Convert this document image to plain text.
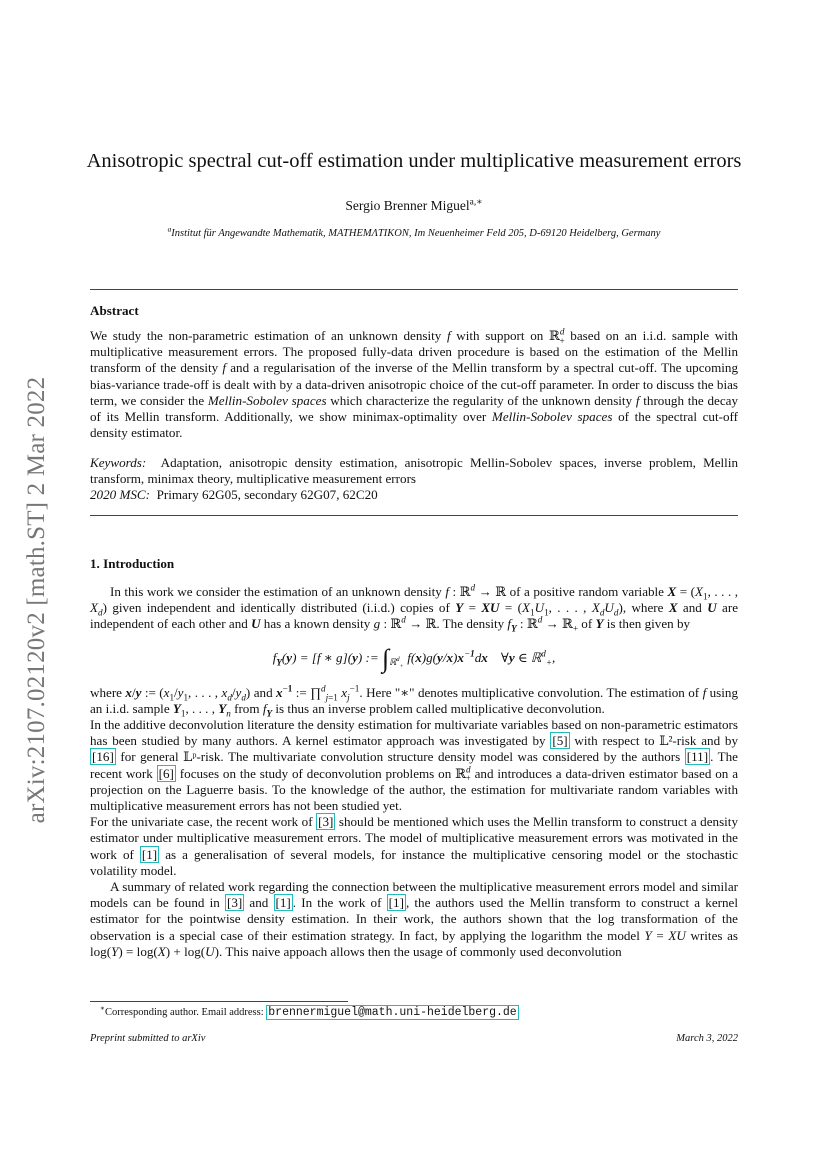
arXiv:2107.02120v2 [math.ST] 2 Mar 2022
Anisotropic spectral cut-off estimation under multiplicative measurement errors
Sergio Brenner Miguel$^{a,∗}$
$^a$Institut für Angewandte Mathematik, MATHEMΛTIKON, Im Neuenheimer Feld 205, D-69120 Heidelberg, Germany
Abstract
We study the non-parametric estimation of an unknown density f with support on ℝ$^d_+$ based on an i.i.d. sample with multiplicative measurement errors. The proposed fully-data driven procedure is based on the estimation of the Mellin transform of the density f and a regularisation of the inverse of the Mellin transform by a spectral cut-off. The upcoming bias-variance trade-off is dealt with by a data-driven anisotropic choice of the cut-off parameter. In order to discuss the bias term, we consider the Mellin-Sobolev spaces which characterize the regularity of the unknown density f through the decay of its Mellin transform. Additionally, we show minimax-optimality over Mellin-Sobolev spaces of the spectral cut-off density estimator.
Keywords: Adaptation, anisotropic density estimation, anisotropic Mellin-Sobolev spaces, inverse problem, Mellin transform, minimax theory, multiplicative measurement errors
2020 MSC: Primary 62G05, secondary 62G07, 62C20
1. Introduction

In this work we consider the estimation of an unknown density f : ℝ$^d$ → ℝ of a positive random variable $X = (X_1$, . . . , $X_d$) given independent and identically distributed (i.i.d.) copies of Y = XU = ($X_1U_1$, . . . , $X_dU_d$), where X and U are independent of each other and U has a known density g : ℝ$^d$ → ℝ. The density $f_Y$ : ℝ$^d$ → ℝ$_+$ of Y is then given by

$f_Y(y) = [f$ ∗ g](y) := $\int_{ℝ^d_+}$ $f(x)g(y/x)x^{-1}dx$    ∀y ∈ ℝ$^d_+$,

where x/y := ($x_1/y_1$, . . . , $x_d/y_d$) and $x^{-1}$ := ∏$^d_{j=1}$ $x_j^{-1}$. Here "∗" denotes multiplicative convolution. The estimation of f using an i.i.d. sample $Y_1$, . . . , $Y_n$ from $f_Y$ is thus an inverse problem called multiplicative deconvolution.

In the additive deconvolution literature the density estimation for multivariate variables based on non-parametric estimators has been studied by many authors. A kernel estimator approach was investigated by [5] with respect to 𝕃²-risk and by [16] for general 𝕃ᵖ-risk. The multivariate convolution structure density model was considered by the authors [11] . The recent work [6] focuses on the study of deconvolution problems on ℝ$^d_+$ and introduces a data-driven estimator based on a projection on the Laguerre basis. To the knowledge of the author, the estimation for multivariate random variables with multiplicative measurement errors has not been studied yet.

For the univariate case, the recent work of [3] should be mentioned which uses the Mellin transform to construct a density estimator under multiplicative measurement errors. The model of multiplicative measurement errors was motivated in the work of [1] as a generalisation of several models, for instance the multiplicative censoring model or the stochastic volatility model.

A summary of related work regarding the connection between the multiplicative measurement errors model and similar models can be found in [3] and [1] . In the work of [1] , the authors used the Mellin transform to construct a kernel estimator for the pointwise density estimation. In their work, the authors shown that the log transformation of the observation is a special case of their estimation strategy. In fact, by applying the logarithm the model Y = XU writes as log(Y) = log(X) + log(U). This naive appoach allows then the usage of commonly used deconvolution

∗Corresponding author. Email address: brennermiguel@math.uni-heidelberg.de
Preprint submitted to arXiv	March 3, 2022
